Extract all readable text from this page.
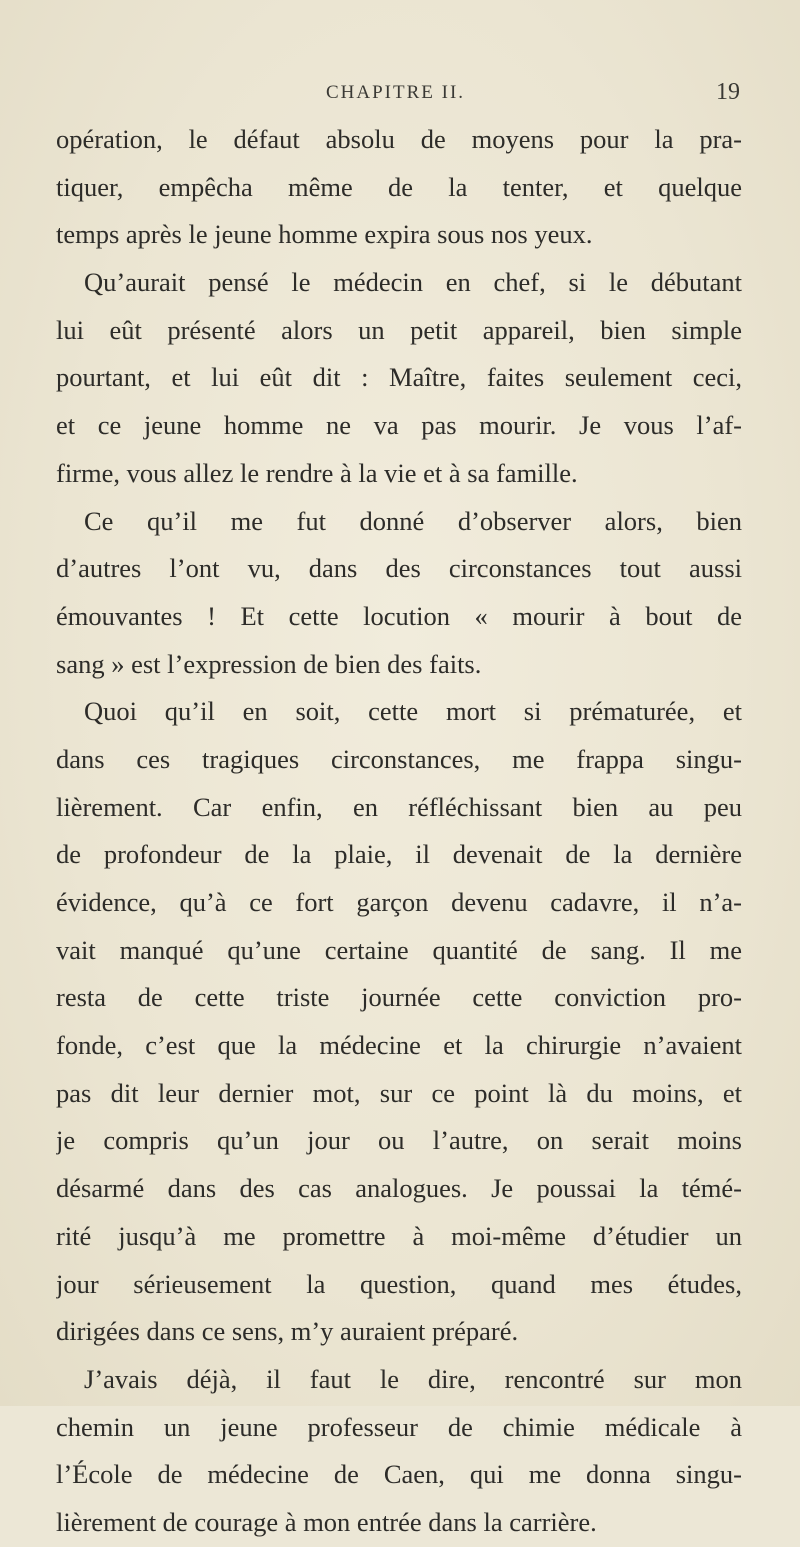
CHAPITRE II.	19
opération, le défaut absolu de moyens pour la pra-
tiquer, empêcha même de la tenter, et quelque
temps après le jeune homme expira sous nos yeux.
Qu’aurait pensé le médecin en chef, si le débutant
lui eût présenté alors un petit appareil, bien simple
pourtant, et lui eût dit : Maître, faites seulement ceci,
et ce jeune homme ne va pas mourir. Je vous l’af-
firme, vous allez le rendre à la vie et à sa famille.
Ce qu’il me fut donné d’observer alors, bien
d’autres l’ont vu, dans des circonstances tout aussi
émouvantes ! Et cette locution « mourir à bout de
sang » est l’expression de bien des faits.
Quoi qu’il en soit, cette mort si prématurée, et
dans ces tragiques circonstances, me frappa singu-
lièrement. Car enfin, en réfléchissant bien au peu
de profondeur de la plaie, il devenait de la dernière
évidence, qu’à ce fort garçon devenu cadavre, il n’a-
vait manqué qu’une certaine quantité de sang. Il me
resta de cette triste journée cette conviction pro-
fonde, c’est que la médecine et la chirurgie n’avaient
pas dit leur dernier mot, sur ce point là du moins, et
je compris qu’un jour ou l’autre, on serait moins
désarmé dans des cas analogues. Je poussai la témé-
rité jusqu’à me promettre à moi-même d’étudier un
jour sérieusement la question, quand mes études,
dirigées dans ce sens, m’y auraient préparé.
J’avais déjà, il faut le dire, rencontré sur mon
chemin un jeune professeur de chimie médicale à
l’École de médecine de Caen, qui me donna singu-
lièrement de courage à mon entrée dans la carrière.
